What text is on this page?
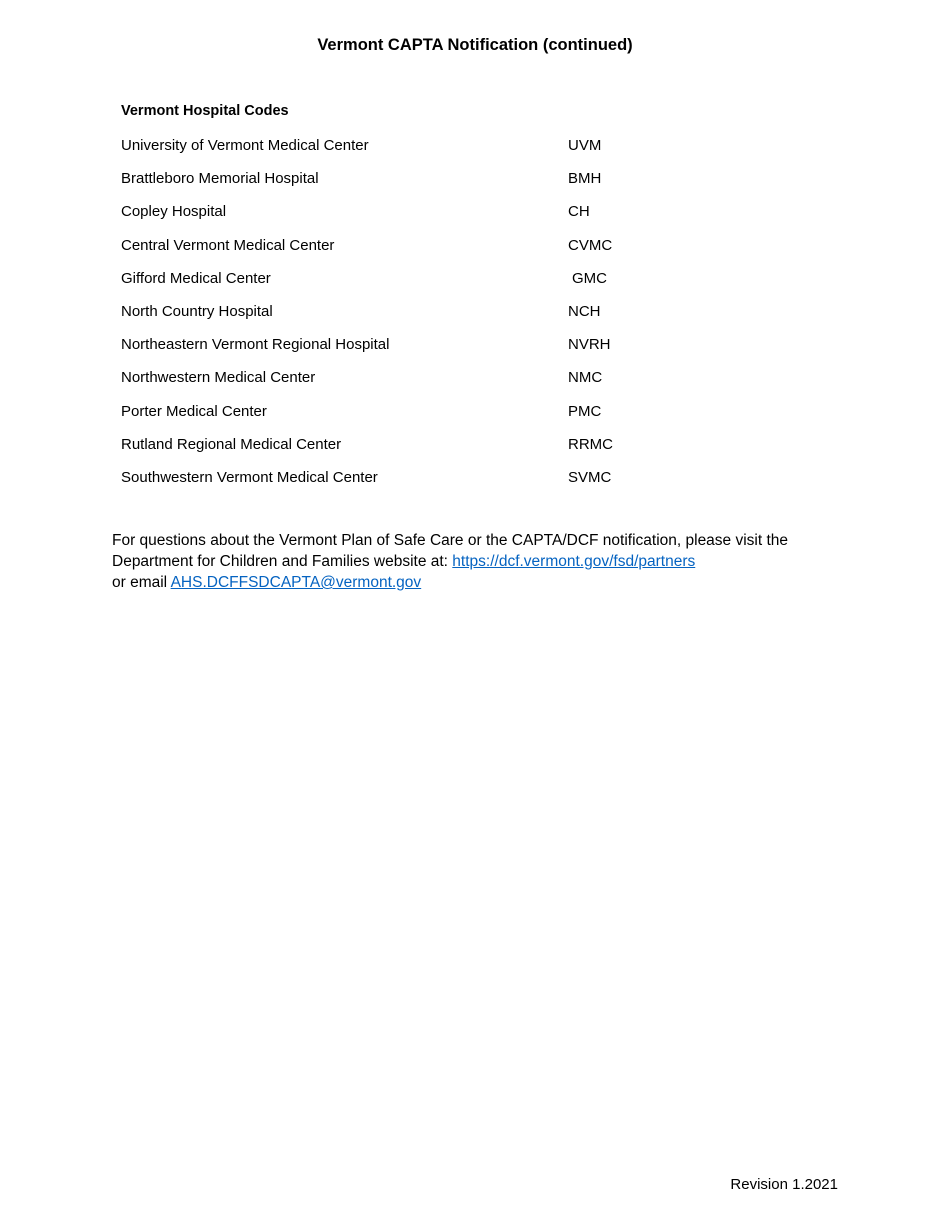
Vermont CAPTA Notification (continued)
Vermont Hospital Codes
University of Vermont Medical Center	UVM
Brattleboro Memorial Hospital	BMH
Copley Hospital	CH
Central Vermont Medical Center	CVMC
Gifford Medical Center	GMC
North Country Hospital	NCH
Northeastern Vermont Regional Hospital	NVRH
Northwestern Medical Center	NMC
Porter Medical Center	PMC
Rutland Regional Medical Center	RRMC
Southwestern Vermont Medical Center	SVMC
For questions about the Vermont Plan of Safe Care or the CAPTA/DCF notification, please visit the
Department for Children and Families website at: https://dcf.vermont.gov/fsd/partners
or email AHS.DCFFSDCAPTA@vermont.gov
Revision 1.2021
